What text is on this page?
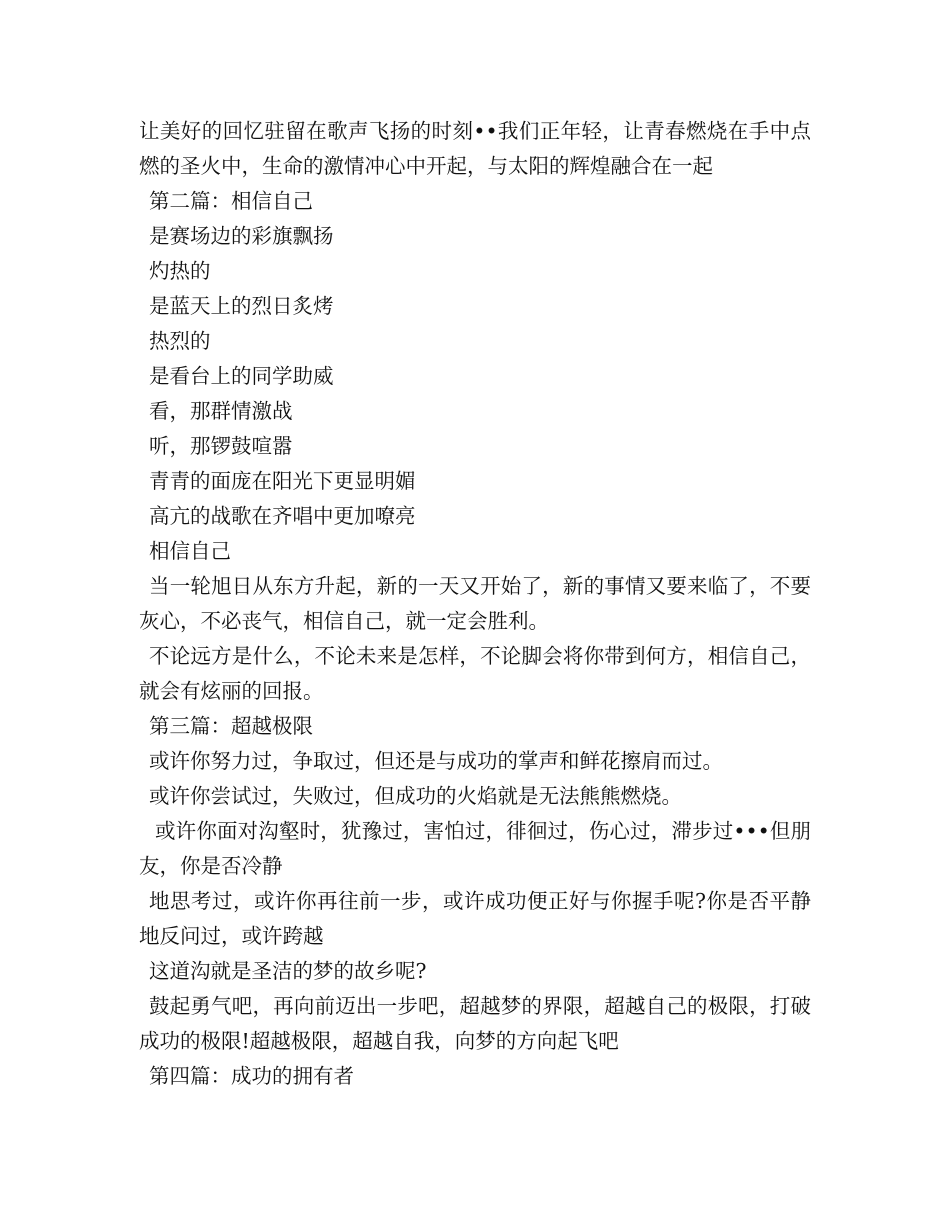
让美好的回忆驻留在歌声飞扬的时刻••我们正年轻，让青春燃烧在手中点燃的圣火中，生命的激情冲心中开起，与太阳的辉煌融合在一起

第二篇：相信自己

是赛场边的彩旗飘扬

灼热的

是蓝天上的烈日炙烤

热烈的

是看台上的同学助威

看，那群情激战

听，那锣鼓喧嚣

青青的面庞在阳光下更显明媚

高亢的战歌在齐唱中更加嘹亮

相信自己

当一轮旭日从东方升起，新的一天又开始了，新的事情又要来临了，不要灰心，不必丧气，相信自己，就一定会胜利。

不论远方是什么，不论未来是怎样，不论脚会将你带到何方，相信自己，就会有炫丽的回报。

第三篇：超越极限

或许你努力过，争取过，但还是与成功的掌声和鲜花擦肩而过。

或许你尝试过，失败过，但成功的火焰就是无法熊熊燃烧。

或许你面对沟壑时，犹豫过，害怕过，徘徊过，伤心过，滞步过•••但朋友，你是否冷静

地思考过，或许你再往前一步，或许成功便正好与你握手呢?你是否平静地反问过，或许跨越

这道沟就是圣洁的梦的故乡呢?

鼓起勇气吧，再向前迈出一步吧，超越梦的界限，超越自己的极限，打破成功的极限!超越极限，超越自我，向梦的方向起飞吧

第四篇：成功的拥有者
